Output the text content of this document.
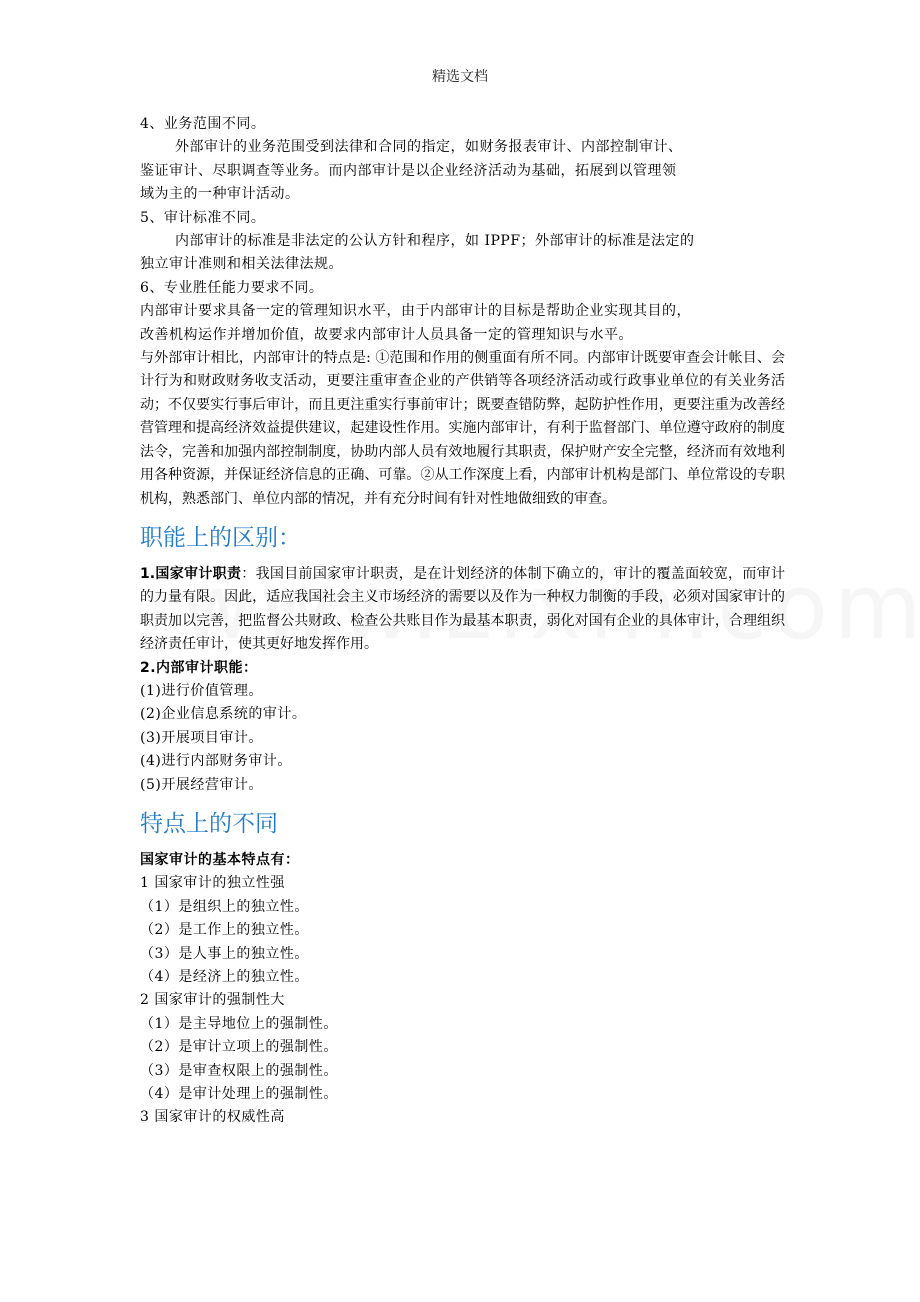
精选文档

4、业务范围不同。

外部审计的业务范围受到法律和合同的指定，如财务报表审计、内部控制审计、

鉴证审计、尽职调查等业务。而内部审计是以企业经济活动为基础，拓展到以管理领

域为主的一种审计活动。

5、审计标准不同。

内部审计的标准是非法定的公认方针和程序，如 IPPF；外部审计的标准是法定的

独立审计准则和相关法律法规。

6、专业胜任能力要求不同。

内部审计要求具备一定的管理知识水平，由于内部审计的目标是帮助企业实现其目的，

改善机构运作并增加价值，故要求内部审计人员具备一定的管理知识与水平。

与外部审计相比，内部审计的特点是: ①范围和作用的侧重面有所不同。内部审计既要审查会计帐目、会计行为和财政财务收支活动，更要注重审查企业的产供销等各项经济活动或行政事业单位的有关业务活动；不仅要实行事后审计，而且更注重实行事前审计；既要查错防弊，起防护性作用，更要注重为改善经营管理和提高经济效益提供建议，起建设性作用。实施内部审计，有利于监督部门、单位遵守政府的制度法令，完善和加强内部控制制度，协助内部人员有效地履行其职责，保护财产安全完整，经济而有效地利用各种资源，并保证经济信息的正确、可靠。②从工作深度上看，内部审计机构是部门、单位常设的专职机构，熟悉部门、单位内部的情况，并有充分时间有针对性地做细致的审查。

职能上的区别：

1.国家审计职责：我国目前国家审计职责，是在计划经济的体制下确立的，审计的覆盖面较宽，而审计的力量有限。因此，适应我国社会主义市场经济的需要以及作为一种权力制衡的手段，必须对国家审计的职责加以完善，把监督公共财政、检查公共账目作为最基本职责，弱化对国有企业的具体审计，合理组织经济责任审计，使其更好地发挥作用。

2.内部审计职能：

(1)进行价值管理。

(2)企业信息系统的审计。

(3)开展项目审计。

(4)进行内部财务审计。

(5)开展经营审计。

特点上的不同

国家审计的基本特点有：

1 国家审计的独立性强

（1）是组织上的独立性。

（2）是工作上的独立性。

（3）是人事上的独立性。

（4）是经济上的独立性。

2 国家审计的强制性大

（1）是主导地位上的强制性。

（2）是审计立项上的强制性。

（3）是审查权限上的强制性。

（4）是审计处理上的强制性。

3 国家审计的权威性高
